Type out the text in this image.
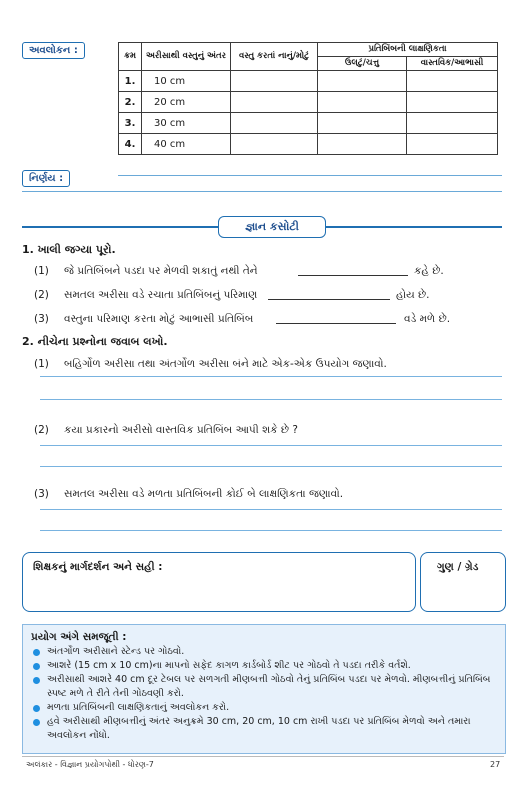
અવલોકન :	ક્રમ	અરીસાથી વસ્તુનું અંતર	વસ્તુ કરતાં નાનું/મોટું	પ્રતિબિંબની લાક્ષણિકતા	
			ઉલટું/ચત્તુ	વાસ્તવિક/આભાસી
1.	10 cm			
2.	20 cm			
3.	30 cm			
4.	40 cm			
નિર્ણય :
જ્ઞાન કસોટી
1. ખાલી જગ્યા પૂરો.
(1) જે પ્રતિબિંબને પડદા પર મેળવી શકાતું નથી તેને	કહે છે.
(2) સમતલ અરીસા વડે રચાતા પ્રતિબિંબનું પરિમાણ	હોય છે.
(3) વસ્તુના પરિમાણ કરતા મોટું આભાસી પ્રતિબિંબ	વડે મળે છે.
2. નીચેના પ્રશ્નોના જવાબ લખો.
(1) બહિર્ગોળ અરીસા તથા અંતર્ગોળ અરીસા બંને માટે એક-એક ઉપયોગ જણાવો.
(2) કયા પ્રકારનો અરીસો વાસ્તવિક પ્રતિબિંબ આપી શકે છે ?
(3) સમતલ અરીસા વડે મળતા પ્રતિબિંબની કોઈ બે લાક્ષણિકતા જણાવો.
શિક્ષકનું માર્ગદર્શન અને સહી :	ગુણ / ગ્રેડ
પ્રયોગ અંગે સમજૂતી :
અંતર્ગોળ અરીસાને સ્ટેન્ડ પર ગોઠવો.
આશરે (15 cm x 10 cm)ના માપનો સફેદ કાગળ કાર્ડબોર્ડ શીટ પર ગોઠવો તે પડદા તરીકે વર્તશે.
અરીસાથી આશરે 40 cm દૂર ટેબલ પર સળગતી મીણબત્તી ગોઠવો તેનું પ્રતિબિંબ પડદા પર મેળવો. મીણબત્તીનું પ્રતિબિંબ સ્પષ્ટ મળે તે રીતે તેની ગોઠવણી કરો.
મળતા પ્રતિબિંબની લાક્ષણિકતાનું અવલોકન કરો.
હવે અરીસાથી મીણબત્તીનું અંતર અનુક્રમે 30 cm, 20 cm, 10 cm રાખી પડદા પર પ્રતિબિંબ મેળવો અને તમારા અવલોકન નોંધો.
અલંકાર - વિજ્ઞાન પ્રયોગપોથી - ધોરણ-7	27
